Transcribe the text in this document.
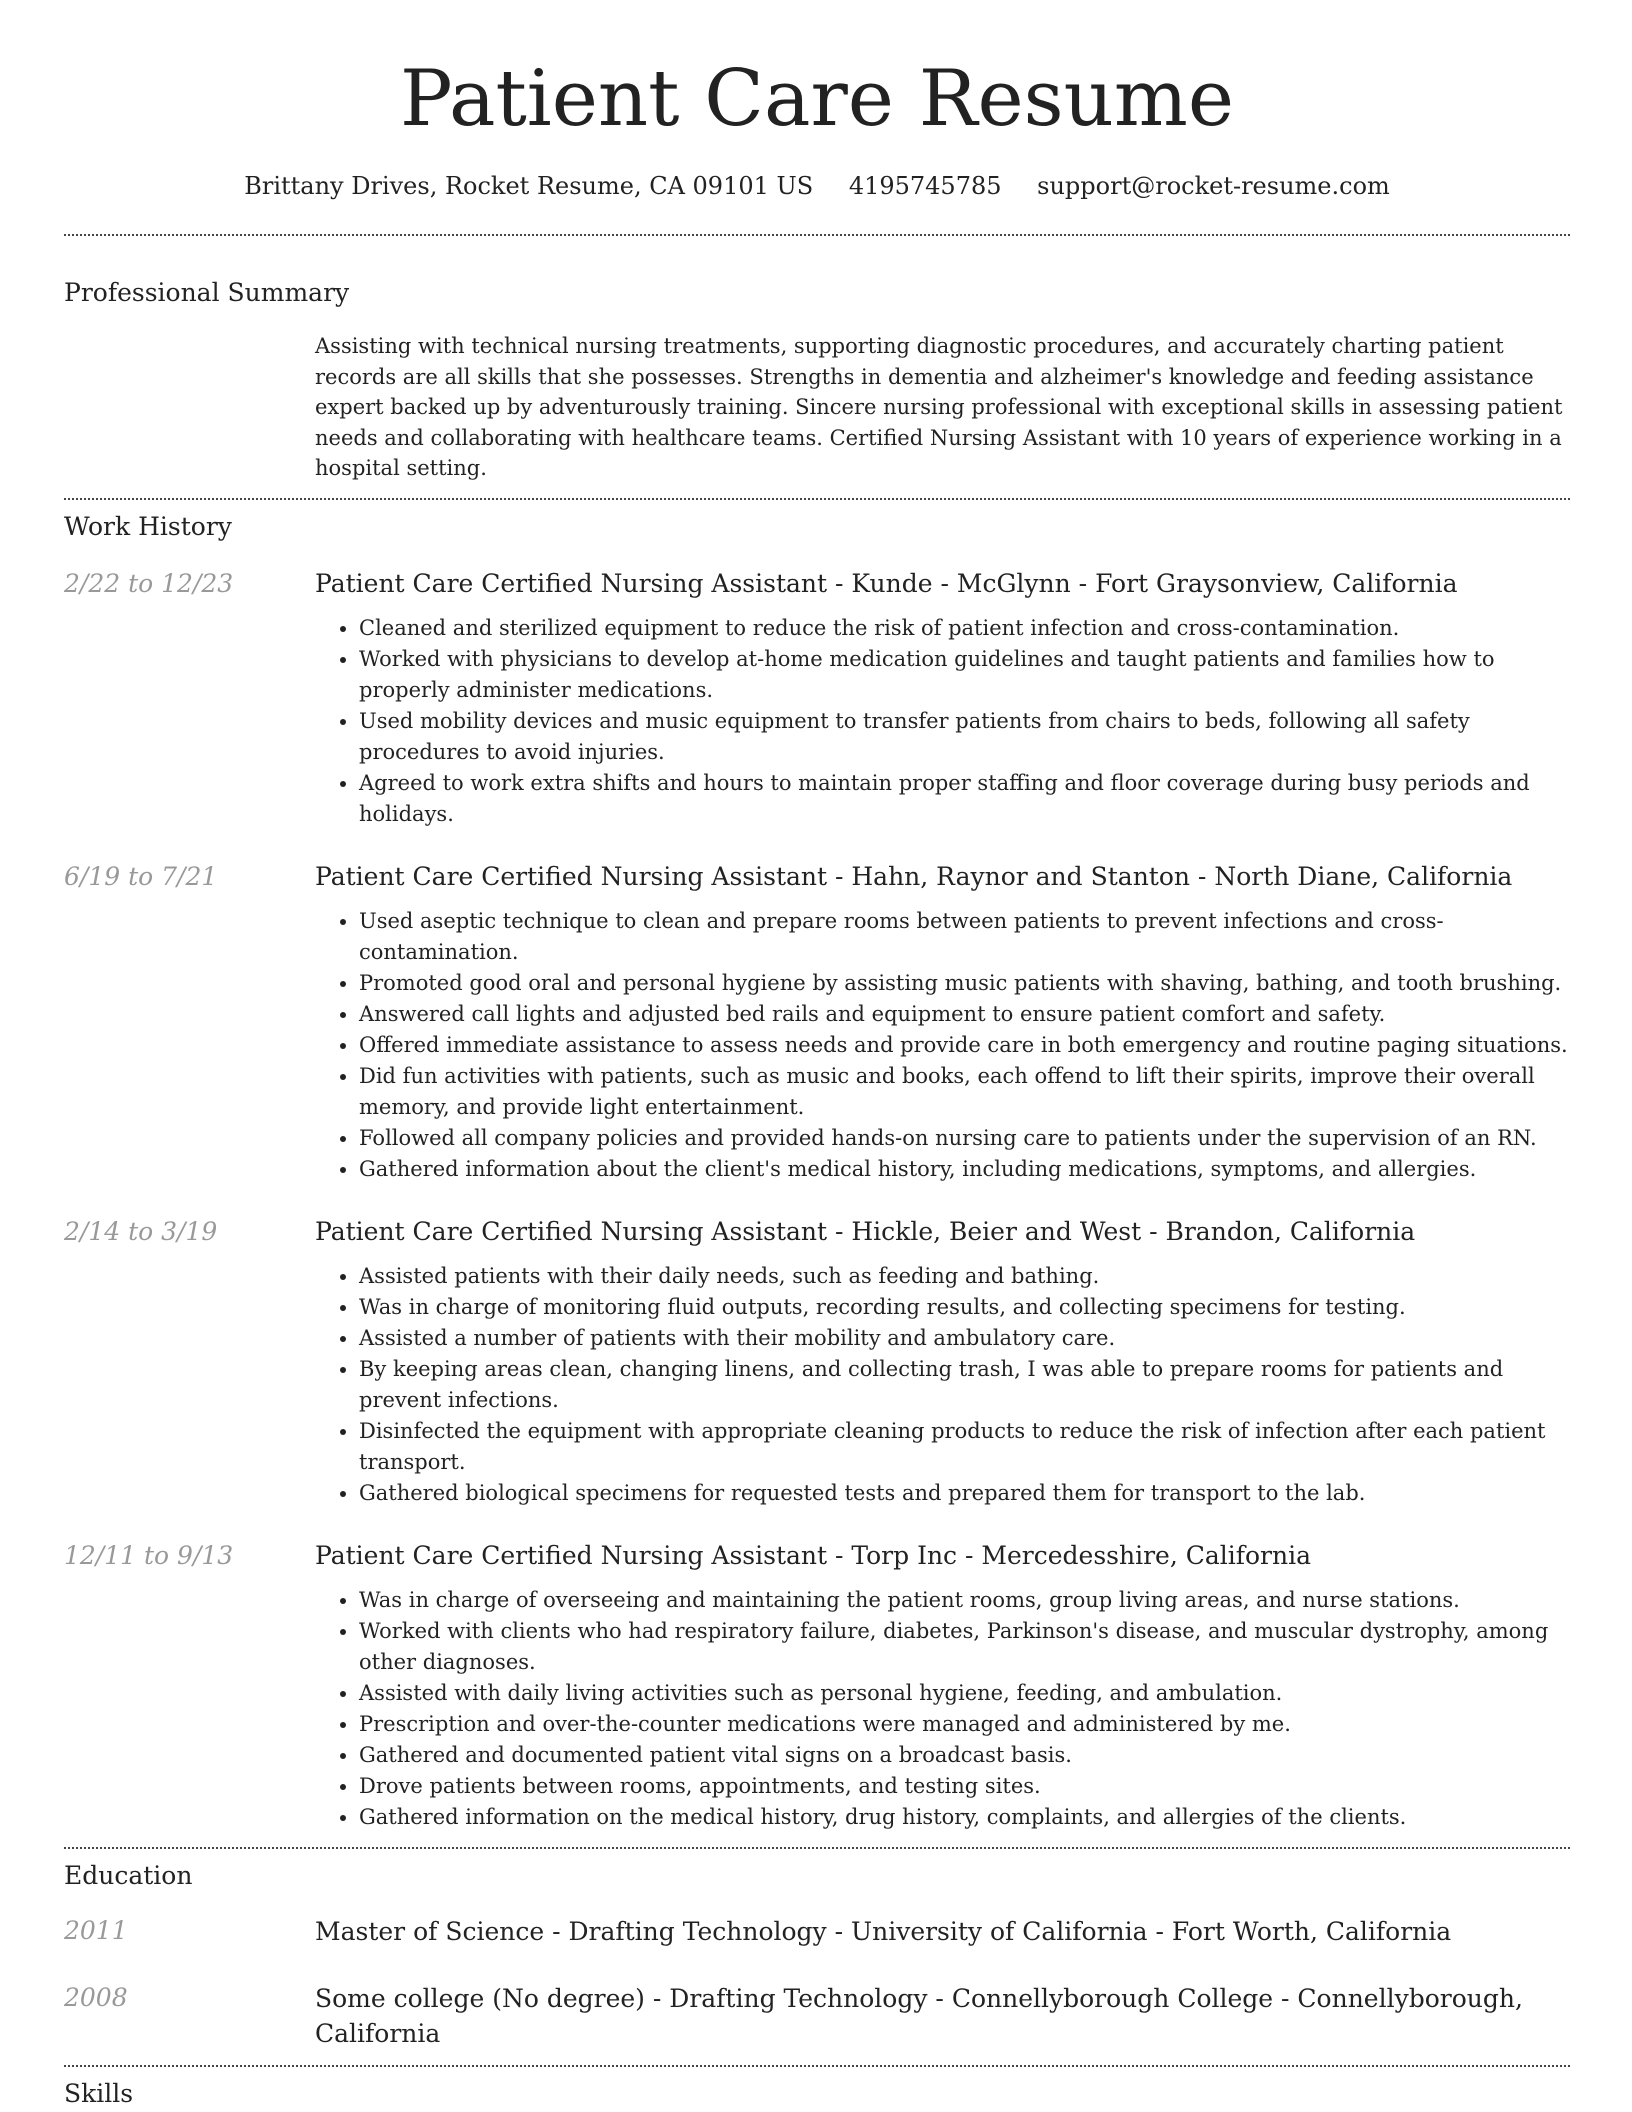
Patient Care Resume
Brittany Drives, Rocket Resume, CA 09101 US 4195745785 support@rocket-resume.com
Professional Summary
Assisting with technical nursing treatments, supporting diagnostic procedures, and accurately charting patient records are all skills that she possesses. Strengths in dementia and alzheimer's knowledge and feeding assistance expert backed up by adventurously training. Sincere nursing professional with exceptional skills in assessing patient needs and collaborating with healthcare teams. Certified Nursing Assistant with 10 years of experience working in a hospital setting.
Work History
2/22 to 12/23	Patient Care Certified Nursing Assistant - Kunde - McGlynn - Fort Graysonview, California
• Cleaned and sterilized equipment to reduce the risk of patient infection and cross-contamination.
• Worked with physicians to develop at-home medication guidelines and taught patients and families how to properly administer medications.
• Used mobility devices and music equipment to transfer patients from chairs to beds, following all safety procedures to avoid injuries.
• Agreed to work extra shifts and hours to maintain proper staffing and floor coverage during busy periods and holidays.
6/19 to 7/21	Patient Care Certified Nursing Assistant - Hahn, Raynor and Stanton - North Diane, California
• Used aseptic technique to clean and prepare rooms between patients to prevent infections and cross-contamination.
• Promoted good oral and personal hygiene by assisting music patients with shaving, bathing, and tooth brushing.
• Answered call lights and adjusted bed rails and equipment to ensure patient comfort and safety.
• Offered immediate assistance to assess needs and provide care in both emergency and routine paging situations.
• Did fun activities with patients, such as music and books, each offend to lift their spirits, improve their overall memory, and provide light entertainment.
• Followed all company policies and provided hands-on nursing care to patients under the supervision of an RN.
• Gathered information about the client's medical history, including medications, symptoms, and allergies.
2/14 to 3/19	Patient Care Certified Nursing Assistant - Hickle, Beier and West - Brandon, California
• Assisted patients with their daily needs, such as feeding and bathing.
• Was in charge of monitoring fluid outputs, recording results, and collecting specimens for testing.
• Assisted a number of patients with their mobility and ambulatory care.
• By keeping areas clean, changing linens, and collecting trash, I was able to prepare rooms for patients and prevent infections.
• Disinfected the equipment with appropriate cleaning products to reduce the risk of infection after each patient transport.
• Gathered biological specimens for requested tests and prepared them for transport to the lab.
12/11 to 9/13	Patient Care Certified Nursing Assistant - Torp Inc - Mercedesshire, California
• Was in charge of overseeing and maintaining the patient rooms, group living areas, and nurse stations.
• Worked with clients who had respiratory failure, diabetes, Parkinson's disease, and muscular dystrophy, among other diagnoses.
• Assisted with daily living activities such as personal hygiene, feeding, and ambulation.
• Prescription and over-the-counter medications were managed and administered by me.
• Gathered and documented patient vital signs on a broadcast basis.
• Drove patients between rooms, appointments, and testing sites.
• Gathered information on the medical history, drug history, complaints, and allergies of the clients.
Education
2011	Master of Science - Drafting Technology - University of California - Fort Worth, California
2008	Some college (No degree) - Drafting Technology - Connellyborough College - Connellyborough, California
Skills
